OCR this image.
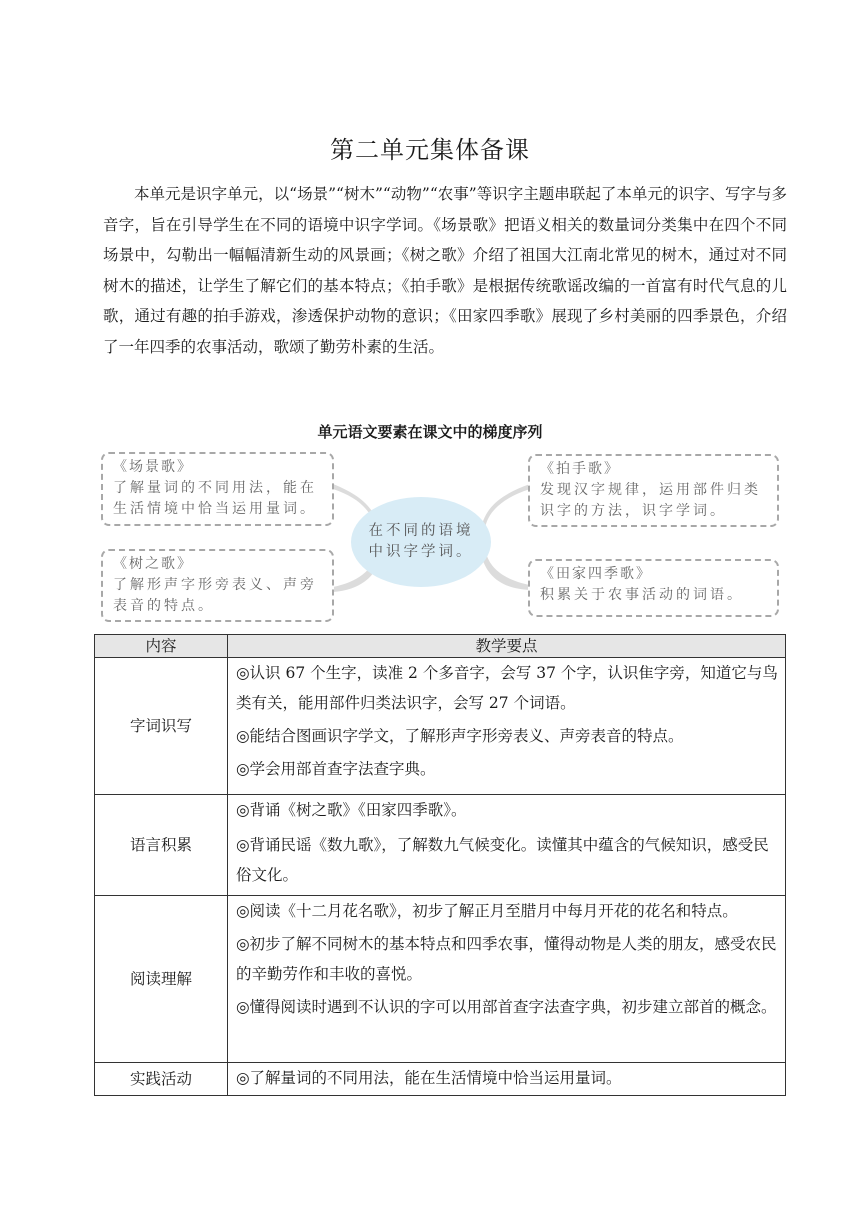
第二单元集体备课

本单元是识字单元，以“场景”“树木”“动物”“农事”等识字主题串联起了本单元的识字、写字与多音字，旨在引导学生在不同的语境中识字学词。《场景歌》把语义相关的数量词分类集中在四个不同场景中，勾勒出一幅幅清新生动的风景画；《树之歌》介绍了祖国大江南北常见的树木，通过对不同树木的描述，让学生了解它们的基本特点；《拍手歌》是根据传统歌谣改编的一首富有时代气息的儿歌，通过有趣的拍手游戏，渗透保护动物的意识；《田家四季歌》展现了乡村美丽的四季景色，介绍了一年四季的农事活动，歌颂了勤劳朴素的生活。

单元语文要素在课文中的梯度序列
《场景歌》
了解量词的不同用法，能在生活情境中恰当运用量词。
《树之歌》
了解形声字形旁表义、声旁表音的特点。
《拍手歌》
发现汉字规律，运用部件归类识字的方法，识字学词。
《田家四季歌》
积累关于农事活动的词语。
在不同的语境中识字学词。
内容	教学要点
字词识写	◎认识 67 个生字，读准 2 个多音字，会写 37 个字，认识隹字旁，知道它与鸟类有关，能用部件归类法识字，会写 27 个词语。
◎能结合图画识字学文，了解形声字形旁表义、声旁表音的特点。
◎学会用部首查字法查字典。

语言积累	◎背诵《树之歌》《田家四季歌》。
◎背诵民谣《数九歌》，了解数九气候变化。读懂其中蕴含的气候知识，感受民俗文化。

阅读理解	◎阅读《十二月花名歌》，初步了解正月至腊月中每月开花的花名和特点。
◎初步了解不同树木的基本特点和四季农事，懂得动物是人类的朋友，感受农民的辛勤劳作和丰收的喜悦。
◎懂得阅读时遇到不认识的字可以用部首查字法查字典，初步建立部首的概念。

实践活动	◎了解量词的不同用法，能在生活情境中恰当运用量词。
